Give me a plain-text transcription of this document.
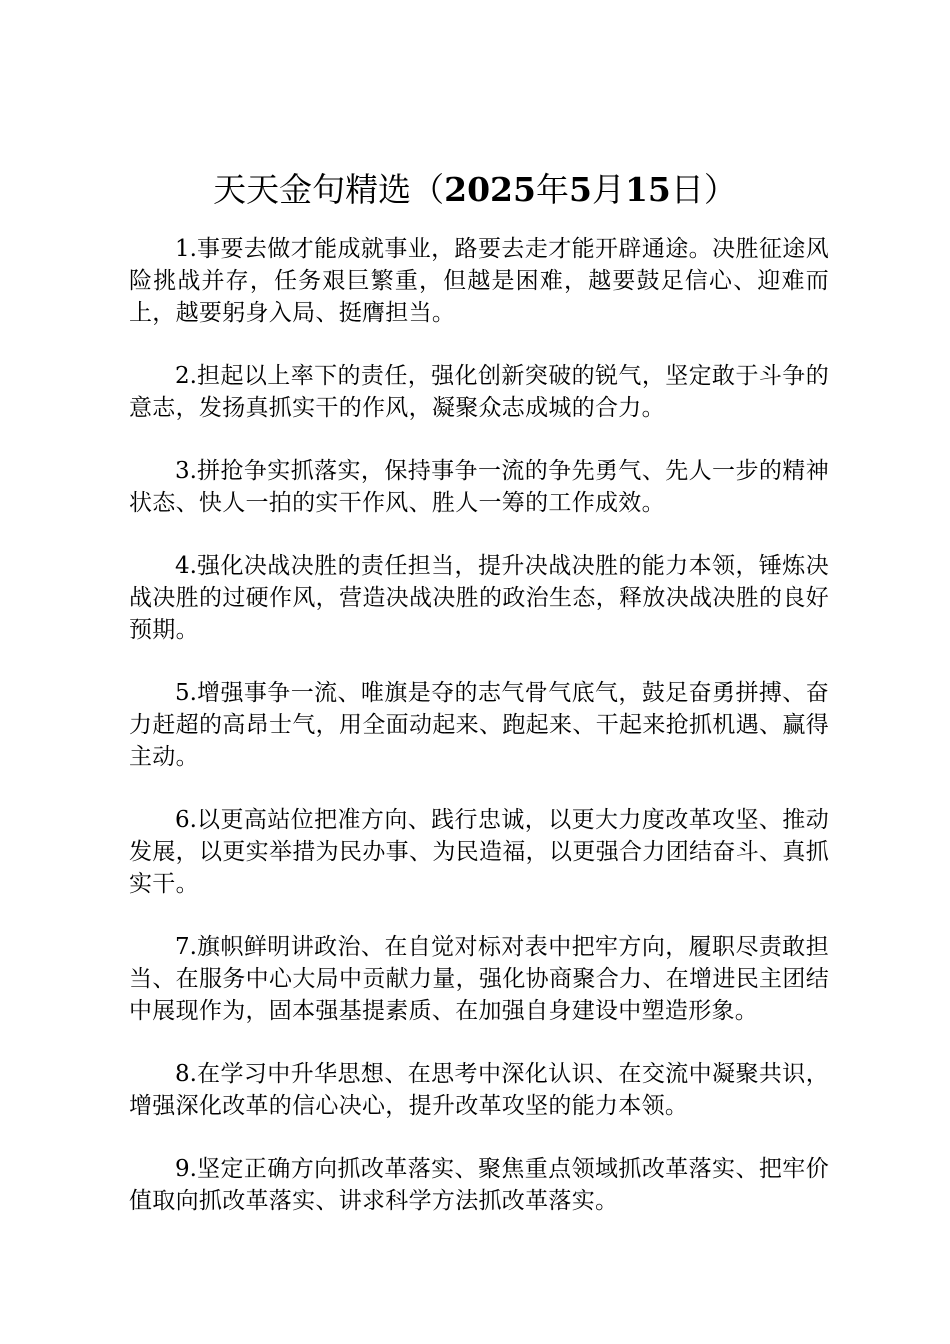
天天金句精选（2025年5月15日）

1.事要去做才能成就事业，路要去走才能开辟通途。决胜征途风险挑战并存，任务艰巨繁重，但越是困难，越要鼓足信心、迎难而上，越要躬身入局、挺膺担当。

2.担起以上率下的责任，强化创新突破的锐气，坚定敢于斗争的意志，发扬真抓实干的作风，凝聚众志成城的合力。

3.拼抢争实抓落实，保持事争一流的争先勇气、先人一步的精神状态、快人一拍的实干作风、胜人一筹的工作成效。

4.强化决战决胜的责任担当，提升决战决胜的能力本领，锤炼决战决胜的过硬作风，营造决战决胜的政治生态，释放决战决胜的良好预期。

5.增强事争一流、唯旗是夺的志气骨气底气，鼓足奋勇拼搏、奋力赶超的高昂士气，用全面动起来、跑起来、干起来抢抓机遇、赢得主动。

6.以更高站位把准方向、践行忠诚，以更大力度改革攻坚、推动发展，以更实举措为民办事、为民造福，以更强合力团结奋斗、真抓实干。

7.旗帜鲜明讲政治、在自觉对标对表中把牢方向，履职尽责敢担当、在服务中心大局中贡献力量，强化协商聚合力、在增进民主团结中展现作为，固本强基提素质、在加强自身建设中塑造形象。

8.在学习中升华思想、在思考中深化认识、在交流中凝聚共识，增强深化改革的信心决心，提升改革攻坚的能力本领。

9.坚定正确方向抓改革落实、聚焦重点领域抓改革落实、把牢价值取向抓改革落实、讲求科学方法抓改革落实。
